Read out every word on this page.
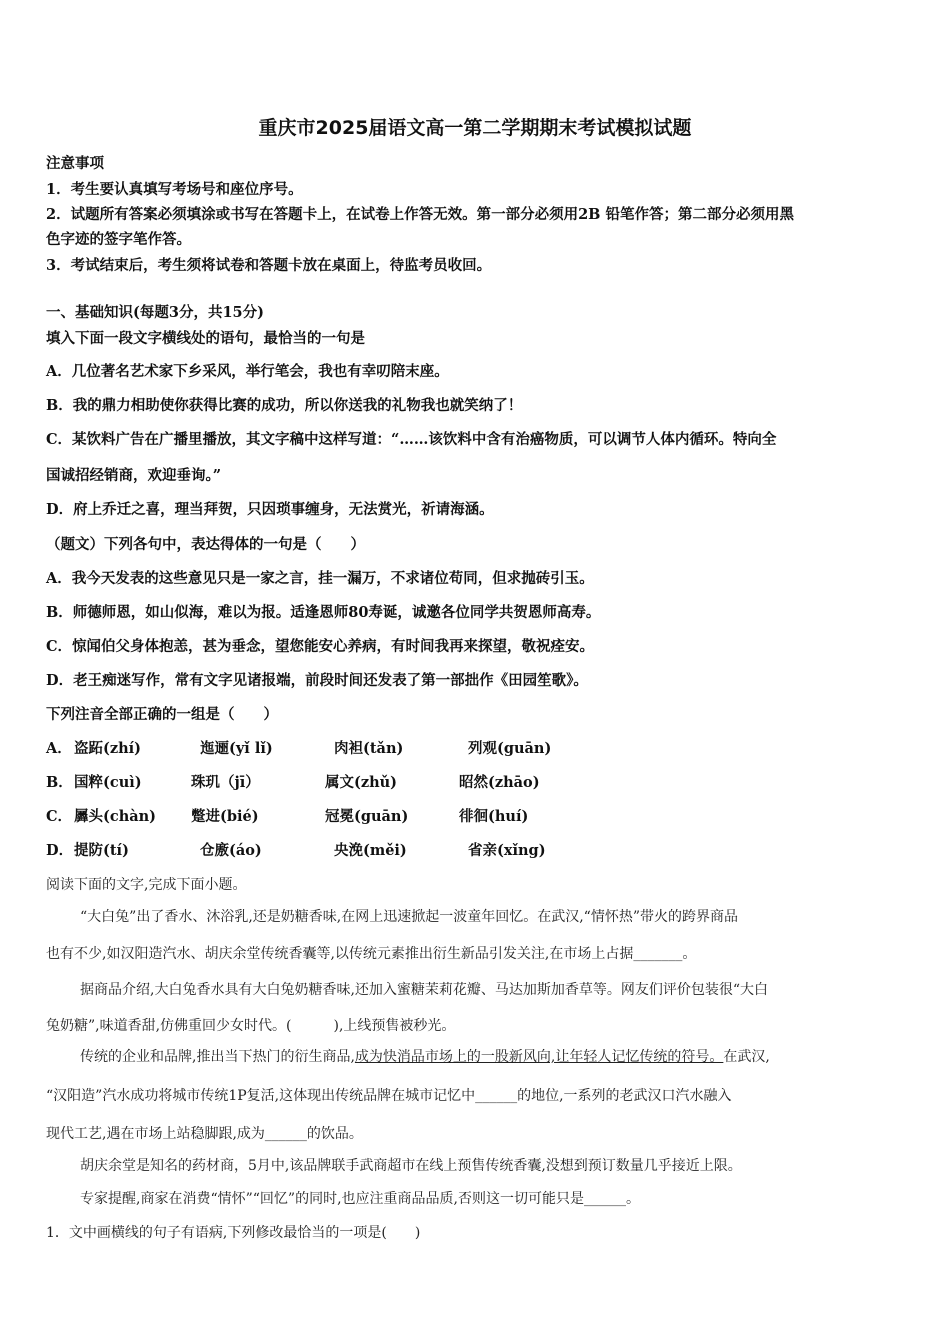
重庆市2025届语文高一第二学期期末考试模拟试题
注意事项
1．考生要认真填写考场号和座位序号。
2．试题所有答案必须填涂或书写在答题卡上，在试卷上作答无效。第一部分必须用2B 铅笔作答；第二部分必须用黑
色字迹的签字笔作答。
3．考试结束后，考生须将试卷和答题卡放在桌面上，待监考员收回。
一、基础知识(每题3分，共15分)
填入下面一段文字横线处的语句，最恰当的一句是
A．几位著名艺术家下乡采风，举行笔会，我也有幸叨陪末座。
B．我的鼎力相助使你获得比赛的成功，所以你送我的礼物我也就笑纳了！
C．某饮料广告在广播里播放，其文字稿中这样写道：“……该饮料中含有治癌物质，可以调节人体内循环。特向全
国诚招经销商，欢迎垂询。”
D．府上乔迁之喜，理当拜贺，只因琐事缠身，无法赏光，祈请海涵。
（题文）下列各句中，表达得体的一句是（　　）
A．我今天发表的这些意见只是一家之言，挂一漏万，不求诸位苟同，但求抛砖引玉。
B．师德师恩，如山似海，难以为报。适逢恩师80寿诞，诚邀各位同学共贺恩师高寿。
C．惊闻伯父身体抱恙，甚为垂念，望您能安心养病，有时间我再来探望，敬祝痊安。
D．老王痴迷写作，常有文字见诸报端，前段时间还发表了第一部拙作《田园笙歌》。
下列注音全部正确的一组是（　　）
A． 盗跖(zhí)	迤逦(yǐ lǐ)	肉袒(tǎn)	列观(guān)
B． 国粹(cuì)	珠玑（jī）	属文(zhǔ)	昭然(zhāo)
C． 羼头(chàn) 蹩进(bié)	冠冕(guān)	徘徊(huí)
D． 提防(tí)	仓廒(áo)	央浼(měi)	省亲(xǐng)
阅读下面的文字,完成下面小题。
“大白兔”出了香水、沐浴乳,还是奶糖香味,在网上迅速掀起一波童年回忆。在武汉,“情怀热”带火的跨界商品
也有不少,如汉阳造汽水、胡庆余堂传统香囊等,以传统元素推出衍生新品引发关注,在市场上占据_______。
据商品介绍,大白兔香水具有大白兔奶糖香味,还加入蜜糖茉莉花瓣、马达加斯加香草等。网友们评价包装很“大白
兔奶糖”,味道香甜,仿佛重回少女时代。(　　　),上线预售被秒光。
传统的企业和品牌,推出当下热门的衍生商品,成为快消品市场上的一股新风向,让年轻人记忆传统的符号。在武汉,
“汉阳造”汽水成功将城市传统1P复活,这体现出传统品牌在城市记忆中______的地位,一系列的老武汉口汽水融入
现代工艺,遇在市场上站稳脚跟,成为______的饮品。
胡庆余堂是知名的药材商，5月中,该品牌联手武商超市在线上预售传统香囊,没想到预订数量几乎接近上限。
专家提醒,商家在消费“情怀”“回忆”的同时,也应注重商品品质,否则这一切可能只是______。
1．文中画横线的句子有语病,下列修改最恰当的一项是(　　)
